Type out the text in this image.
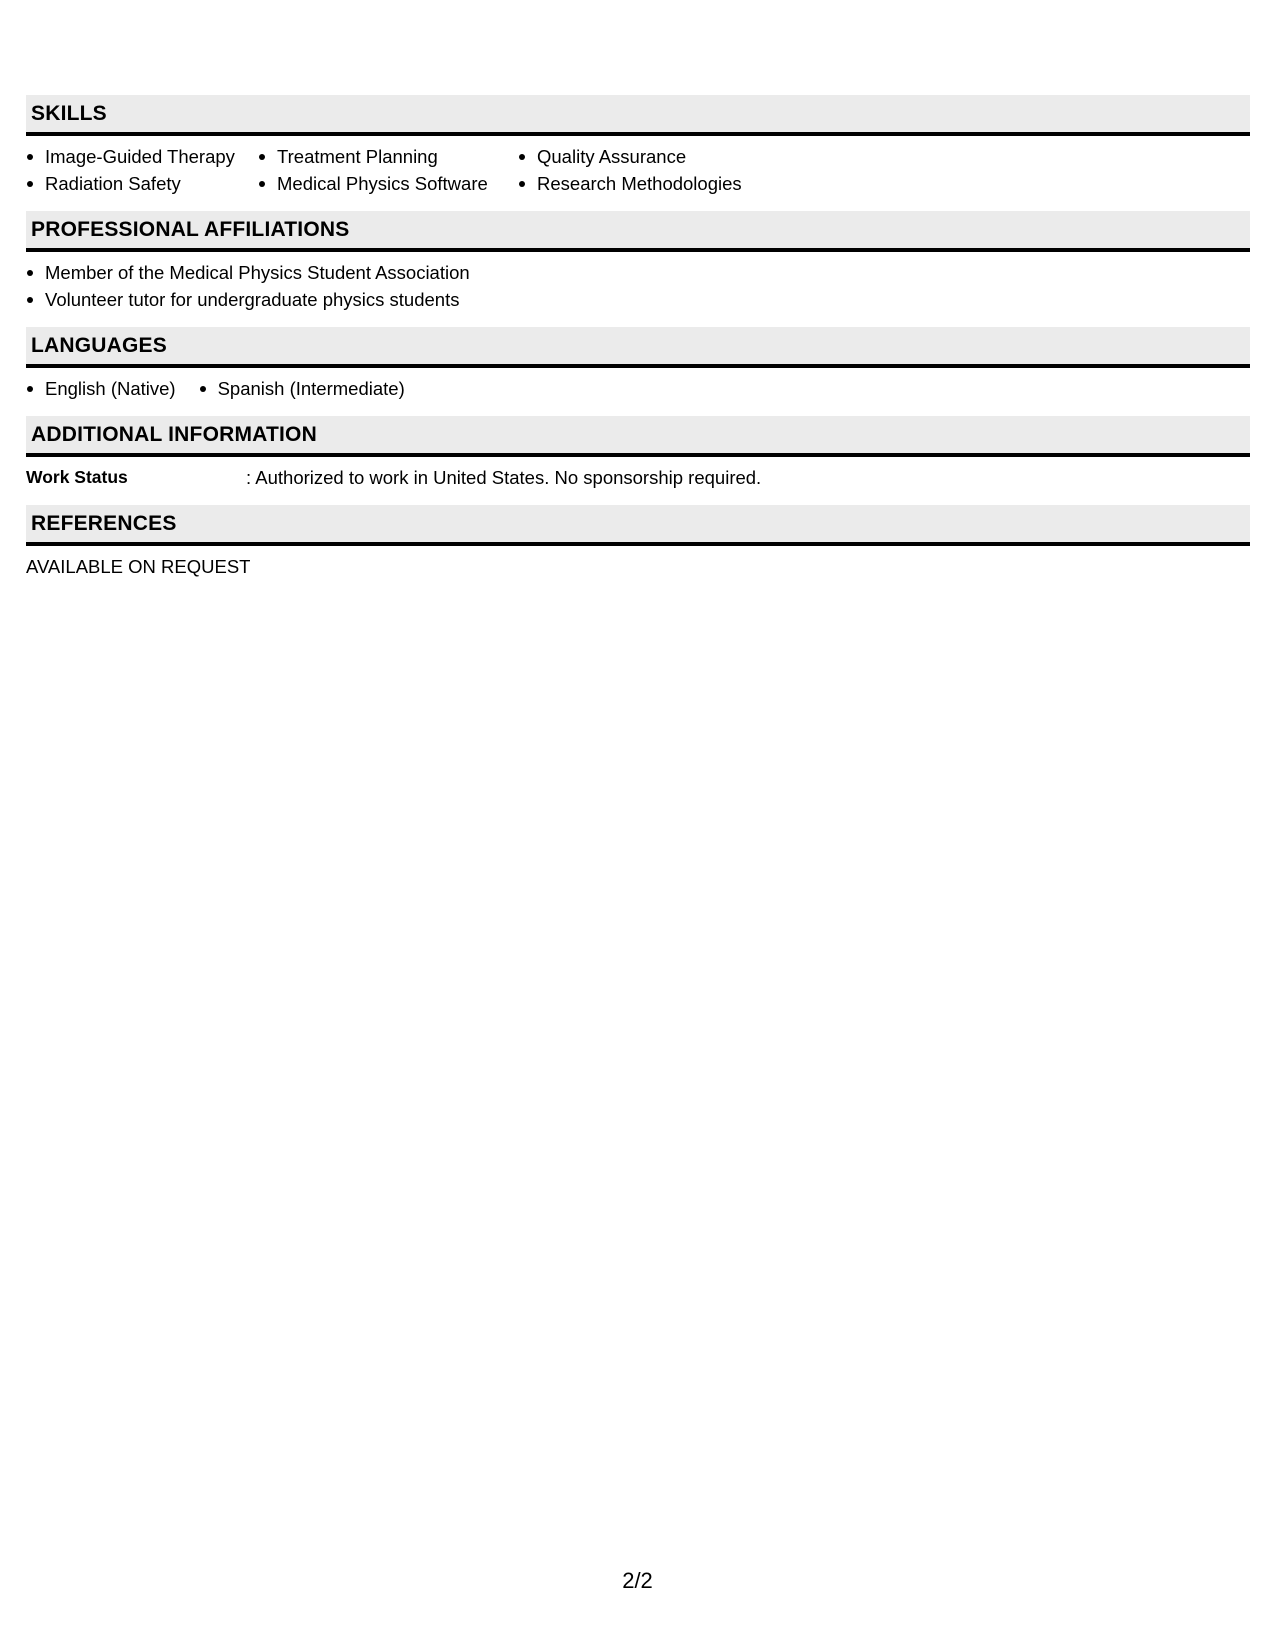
SKILLS
Image-Guided Therapy	Treatment Planning	Quality Assurance
Radiation Safety	Medical Physics Software	Research Methodologies
PROFESSIONAL AFFILIATIONS
Member of the Medical Physics Student Association
Volunteer tutor for undergraduate physics students
LANGUAGES
English (Native)	Spanish (Intermediate)
ADDITIONAL INFORMATION
Work Status	: Authorized to work in United States. No sponsorship required.
REFERENCES
AVAILABLE ON REQUEST
2/2
